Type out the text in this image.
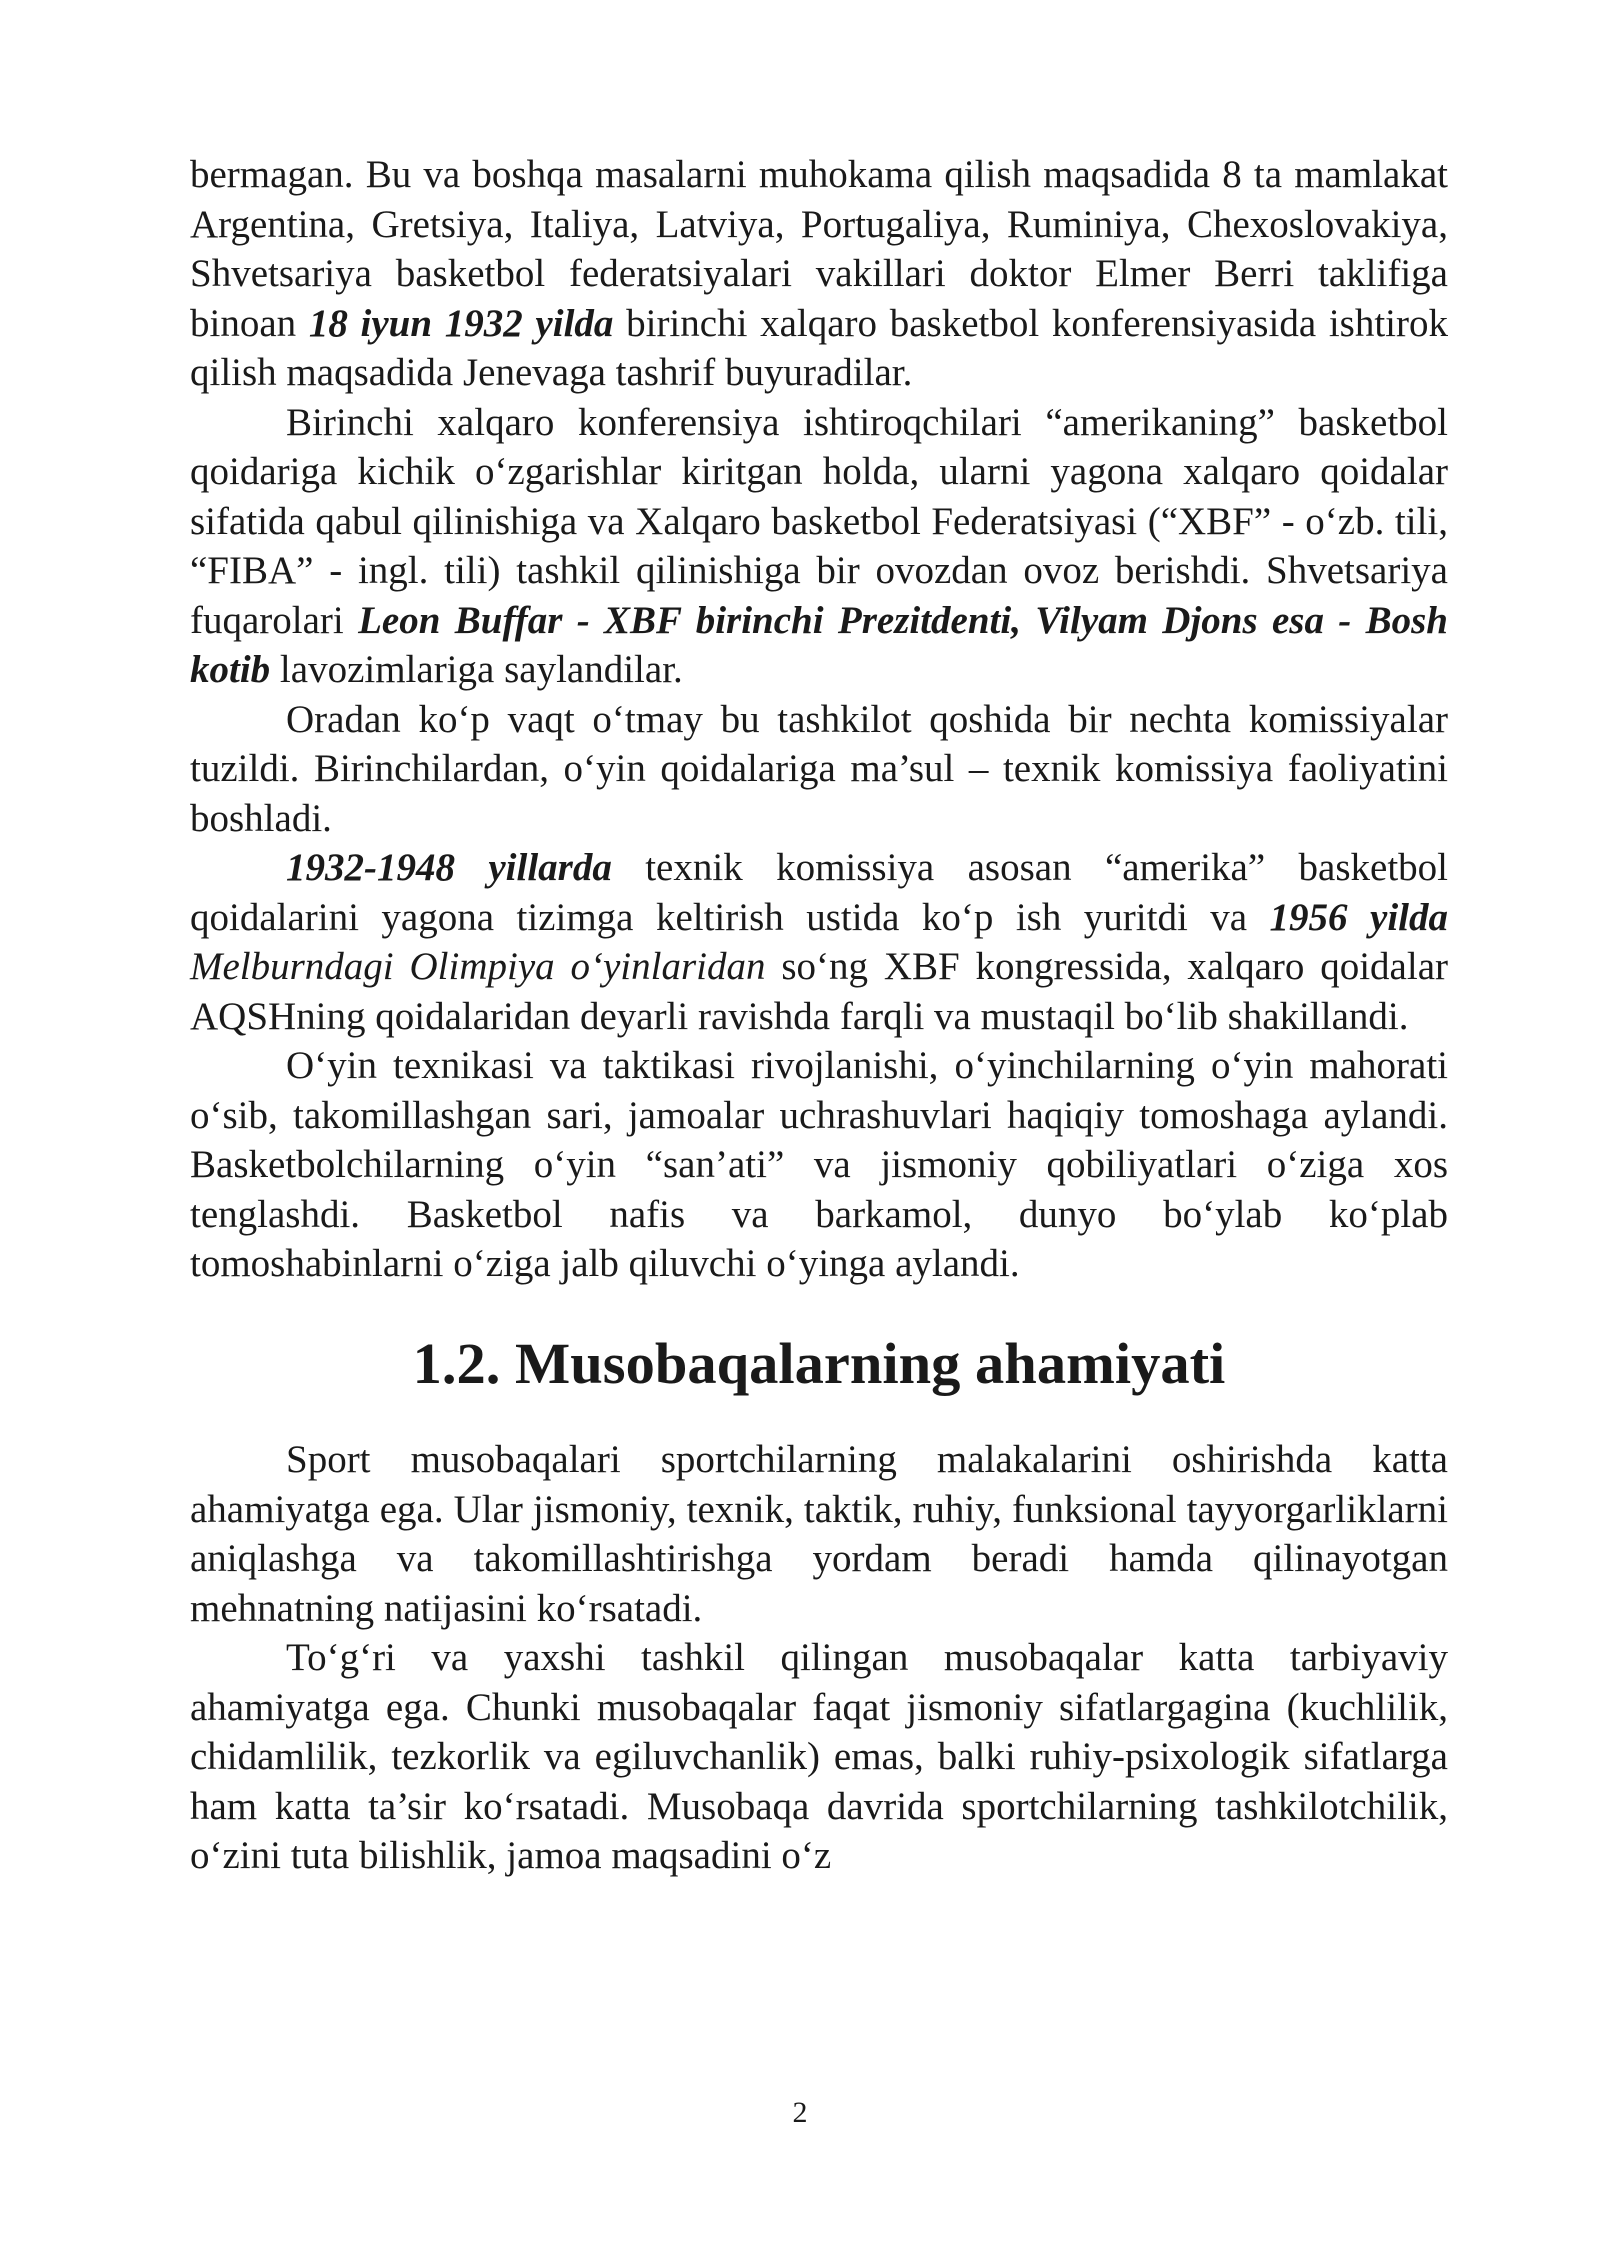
bermagan. Bu va boshqa masalarni muhokama qilish maqsadida 8 ta mamlakat Argentina, Gretsiya, Italiya, Latviya, Portugaliya, Ruminiya, Chexoslovakiya, Shvetsariya basketbol federatsiyalari vakillari doktor Elmer Berri taklifiga binoan 18 iyun 1932 yilda birinchi xalqaro basketbol konferensiyasida ishtirok qilish maqsadida Jenevaga tashrif buyuradilar.

Birinchi xalqaro konferensiya ishtiroqchilari “amerikaning” basketbol qoidariga kichik o‘zgarishlar kiritgan holda, ularni yagona xalqaro qoidalar sifatida qabul qilinishiga va Xalqaro basketbol Federatsiyasi (“XBF” - o‘zb. tili, “FIBA” - ingl. tili) tashkil qilinishiga bir ovozdan ovoz berishdi. Shvetsariya fuqarolari Leon Buffar - XBF birinchi Prezitdenti, Vilyam Djons esa - Bosh kotib lavozimlariga saylandilar.

Oradan ko‘p vaqt o‘tmay bu tashkilot qoshida bir nechta komissiyalar tuzildi. Birinchilardan, o‘yin qoidalariga ma’sul – texnik komissiya faoliyatini boshladi.

1932-1948 yillarda texnik komissiya asosan “amerika” basketbol qoidalarini yagona tizimga keltirish ustida ko‘p ish yuritdi va 1956 yilda Melburndagi Olimpiya o‘yinlaridan so‘ng XBF kongressida, xalqaro qoidalar AQSHning qoidalaridan deyarli ravishda farqli va mustaqil bo‘lib shakillandi.

O‘yin texnikasi va taktikasi rivojlanishi, o‘yinchilarning o‘yin mahorati o‘sib, takomillashgan sari, jamoalar uchrashuvlari haqiqiy tomoshaga aylandi. Basketbolchilarning o‘yin “san’ati” va jismoniy qobiliyatlari o‘ziga xos tenglashdi. Basketbol nafis va barkamol, dunyo bo‘ylab ko‘plab tomoshabinlarni o‘ziga jalb qiluvchi o‘yinga aylandi.

1.2. Musobaqalarning ahamiyati

Sport musobaqalari sportchilarning malakalarini oshirishda katta ahamiyatga ega. Ular jismoniy, texnik, taktik, ruhiy, funksional tayyorgarliklarni aniqlashga va takomillashtirishga yordam beradi hamda qilinayotgan mehnatning natijasini ko‘rsatadi.

To‘g‘ri va yaxshi tashkil qilingan musobaqalar katta tarbiyaviy ahamiyatga ega. Chunki musobaqalar faqat jismoniy sifatlargagina (kuchlilik, chidamlilik, tezkorlik va egiluvchanlik) emas, balki ruhiy-psixologik sifatlarga ham katta ta’sir ko‘rsatadi. Musobaqa davrida sportchilarning tashkilotchilik, o‘zini tuta bilishlik, jamoa maqsadini o‘z

2
